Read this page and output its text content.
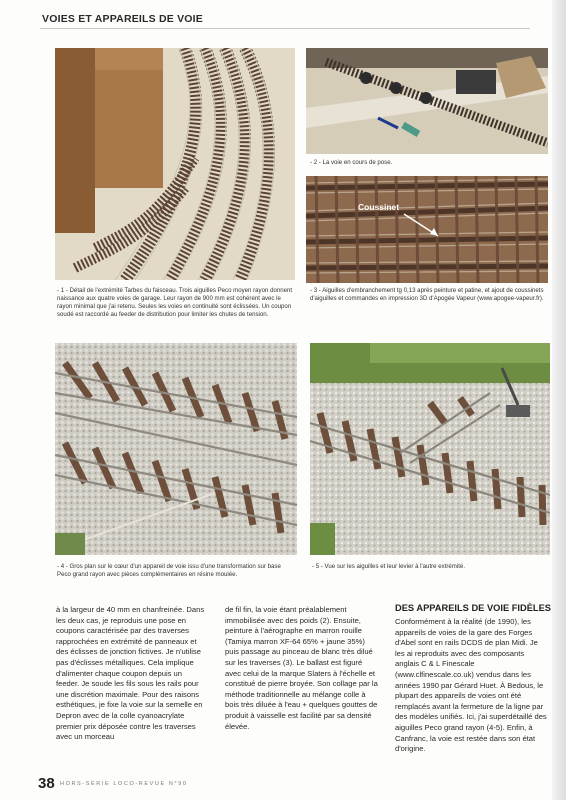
VOIES ET APPAREILS DE VOIE
- 1 - Détail de l'extrémité Tarbes du faisceau. Trois aiguilles Peco moyen rayon donnent naissance aux quatre voies de garage. Leur rayon de 900 mm est cohérent avec le rayon minimal que j'ai retenu. Seules les voies en continuité sont éclissées. Un coupon soudé est raccordé au feeder de distribution pour limiter les chutes de tension.
- 2 - La voie en cours de pose.
Coussinet
- 3 - Aiguilles d'embranchement tg 0,13 après peinture et patine, et ajout de coussinets d'aiguilles et commandes en impression 3D d'Apogée Vapeur (www.apogee-vapeur.fr).
- 4 - Gros plan sur le cœur d'un appareil de voie issu d'une transformation sur base Peco grand rayon avec pièces complémentaires en résine moulée.
- 5 - Vue sur les aiguilles et leur levier à l'autre extrémité.
à la largeur de 40 mm en chanfreinée. Dans les deux cas, je reproduis une pose en coupons caractérisée par des traverses rapprochées en extrémité de panneaux et des éclisses de jonction fictives. Je n'utilise pas d'éclisses métalliques. Cela implique d'alimenter chaque coupon depuis un feeder. Je soude les fils sous les rails pour une discrétion maximale. Pour des raisons esthétiques, je fixe la voie sur la semelle en Depron avec de la colle cyanoacrylate premier prix déposée contre les traverses avec un morceau
de fil fin, la voie étant préalablement immobilisée avec des poids (2). Ensuite, peinture à l'aérographe en marron rouille (Tamiya marron XF-64 65% + jaune 35%) puis passage au pinceau de blanc très dilué sur les traverses (3). Le ballast est figuré avec celui de la marque Slaters à l'échelle et constitué de pierre broyée. Son collage par la méthode traditionnelle au mélange colle à bois très diluée à l'eau + quelques gouttes de produit à vaisselle est facilité par sa densité élevée.
DES APPAREILS DE VOIE FIDÈLES
Conformément à la réalité (de 1990), les appareils de voies de la gare des Forges d'Abel sont en rails DCDS de plan Midi. Je les ai reproduits avec des composants anglais C & L Finescale (www.clfinescale.co.uk) vendus dans les années 1990 par Gérard Huet. À Bedous, le plupart des appareils de voies ont été remplacés avant la fermeture de la ligne par des modèles unifiés. Ici, j'ai superdétaillé des aiguilles Peco grand rayon (4-5). Enfin, à Canfranc, la voie est restée dans son état d'origine.
38 HORS-SÉRIE LOCO-REVUE N°90
